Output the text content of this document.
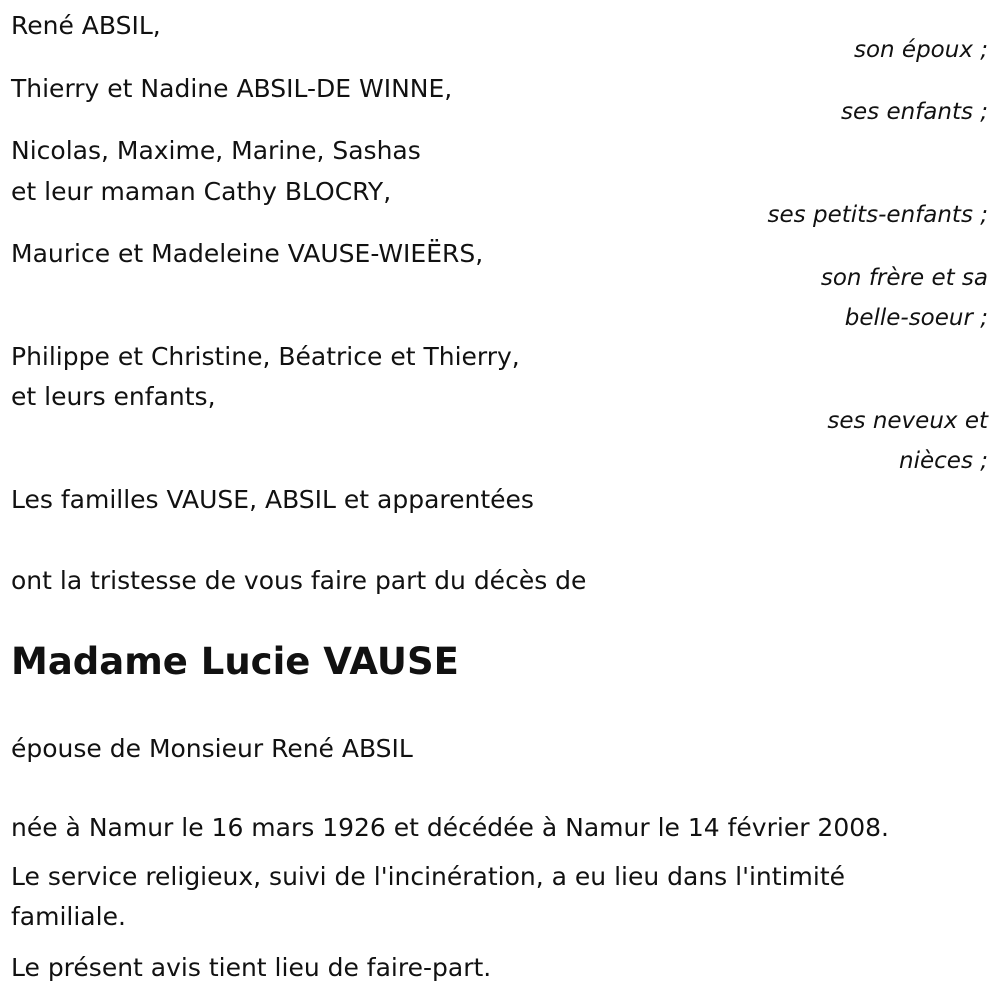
René ABSIL,

son époux ;

Thierry et Nadine ABSIL-DE WINNE,

ses enfants ;

Nicolas, Maxime, Marine, Sashas

et leur maman Cathy BLOCRY,

ses petits-enfants ;

Maurice et Madeleine VAUSE-WIEËRS,

son frère et sa

belle-soeur ;

Philippe et Christine, Béatrice et Thierry,

et leurs enfants,

ses neveux et

nièces ;

Les familles VAUSE, ABSIL et apparentées

ont la tristesse de vous faire part du décès de

Madame Lucie VAUSE

épouse de Monsieur René ABSIL

née à Namur le 16 mars 1926 et décédée à Namur le 14 février 2008.

Le service religieux, suivi de l'incinération, a eu lieu dans l'intimité familiale.

Le présent avis tient lieu de faire-part.
